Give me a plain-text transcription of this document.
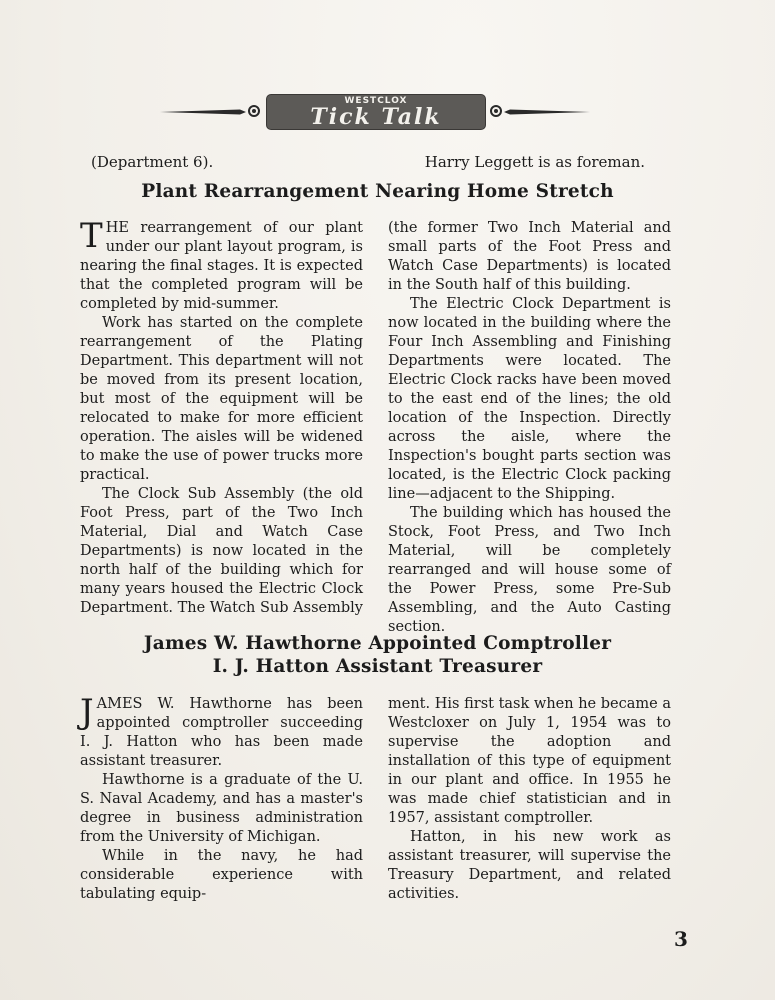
WESTCLOX
Tick Talk
(Department 6).	Harry Leggett is as foreman.
Plant Rearrangement Nearing Home Stretch

THE rearrangement of our plant under our plant layout program, is nearing the final stages. It is expected that the completed program will be completed by mid-summer.

Work has started on the complete rearrangement of the Plating Department. This department will not be moved from its present location, but most of the equipment will be relocated to make for more efficient operation. The aisles will be widened to make the use of power trucks more practical.

The Clock Sub Assembly (the old Foot Press, part of the Two Inch Material, Dial and Watch Case Departments) is now located in the north half of the building which for many years housed the Electric Clock Department. The Watch Sub Assembly

(the former Two Inch Material and small parts of the Foot Press and Watch Case Departments) is located in the South half of this building.

The Electric Clock Department is now located in the building where the Four Inch Assembling and Finishing Departments were located. The Electric Clock racks have been moved to the east end of the lines; the old location of the Inspection. Directly across the aisle, where the Inspection's bought parts section was located, is the Electric Clock packing line—adjacent to the Shipping.

The building which has housed the Stock, Foot Press, and Two Inch Material, will be completely rearranged and will house some of the Power Press, some Pre-Sub Assembling, and the Auto Casting section.

James W. Hawthorne Appointed Comptroller
I. J. Hatton Assistant Treasurer

JAMES W. Hawthorne has been appointed comptroller succeeding I. J. Hatton who has been made assistant treasurer.

Hawthorne is a graduate of the U. S. Naval Academy, and has a master's degree in business administration from the University of Michigan.

While in the navy, he had considerable experience with tabulating equip-

ment. His first task when he became a Westcloxer on July 1, 1954 was to supervise the adoption and installation of this type of equipment in our plant and office. In 1955 he was made chief statistician and in 1957, assistant comptroller.

Hatton, in his new work as assistant treasurer, will supervise the Treasury Department, and related activities.

3
